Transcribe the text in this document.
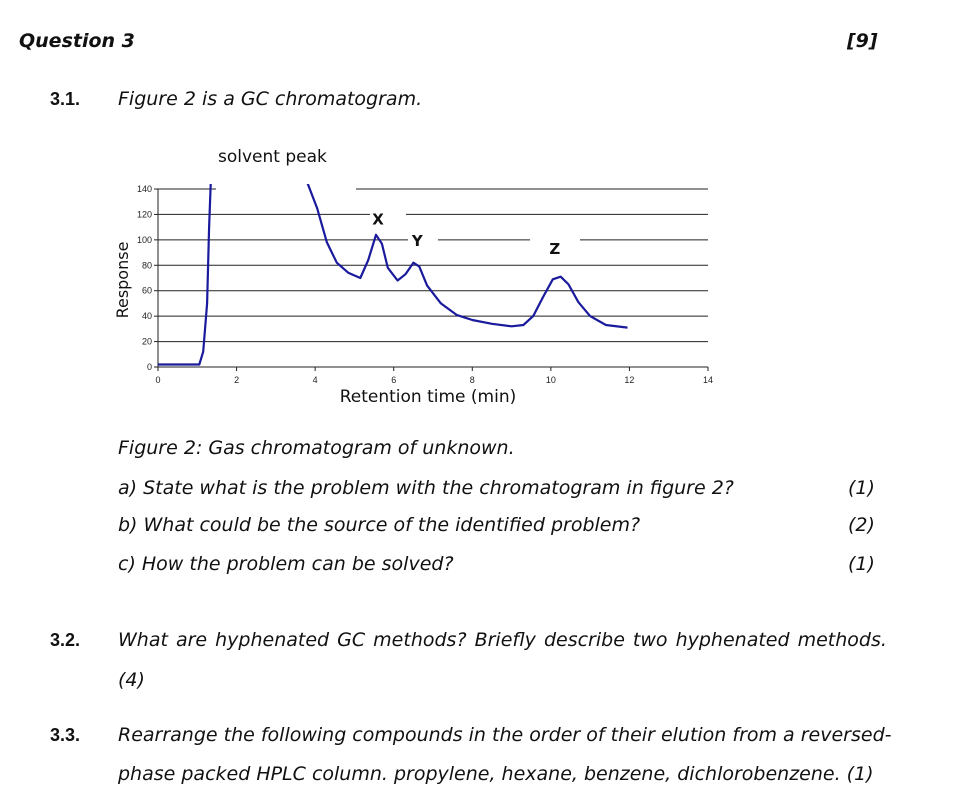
Question 3	[9]
3.1. Figure 2 is a GC chromatogram.
0
20
40
60
80
100
120
140
0	2	4	6	8	10	12	14
Retention time (min)
Response
solvent peak
X
Y	Z
Figure 2: Gas chromatogram of unknown.
a) State what is the problem with the chromatogram in figure 2?	(1)
b) What could be the source of the identified problem?	(2)
c) How the problem can be solved?	(1)
3.2. What are hyphenated GC methods? Briefly describe two hyphenated methods.
(4)
3.3. Rearrange the following compounds in the order of their elution from a reversed-
phase packed HPLC column. propylene, hexane, benzene, dichlorobenzene. (1)
